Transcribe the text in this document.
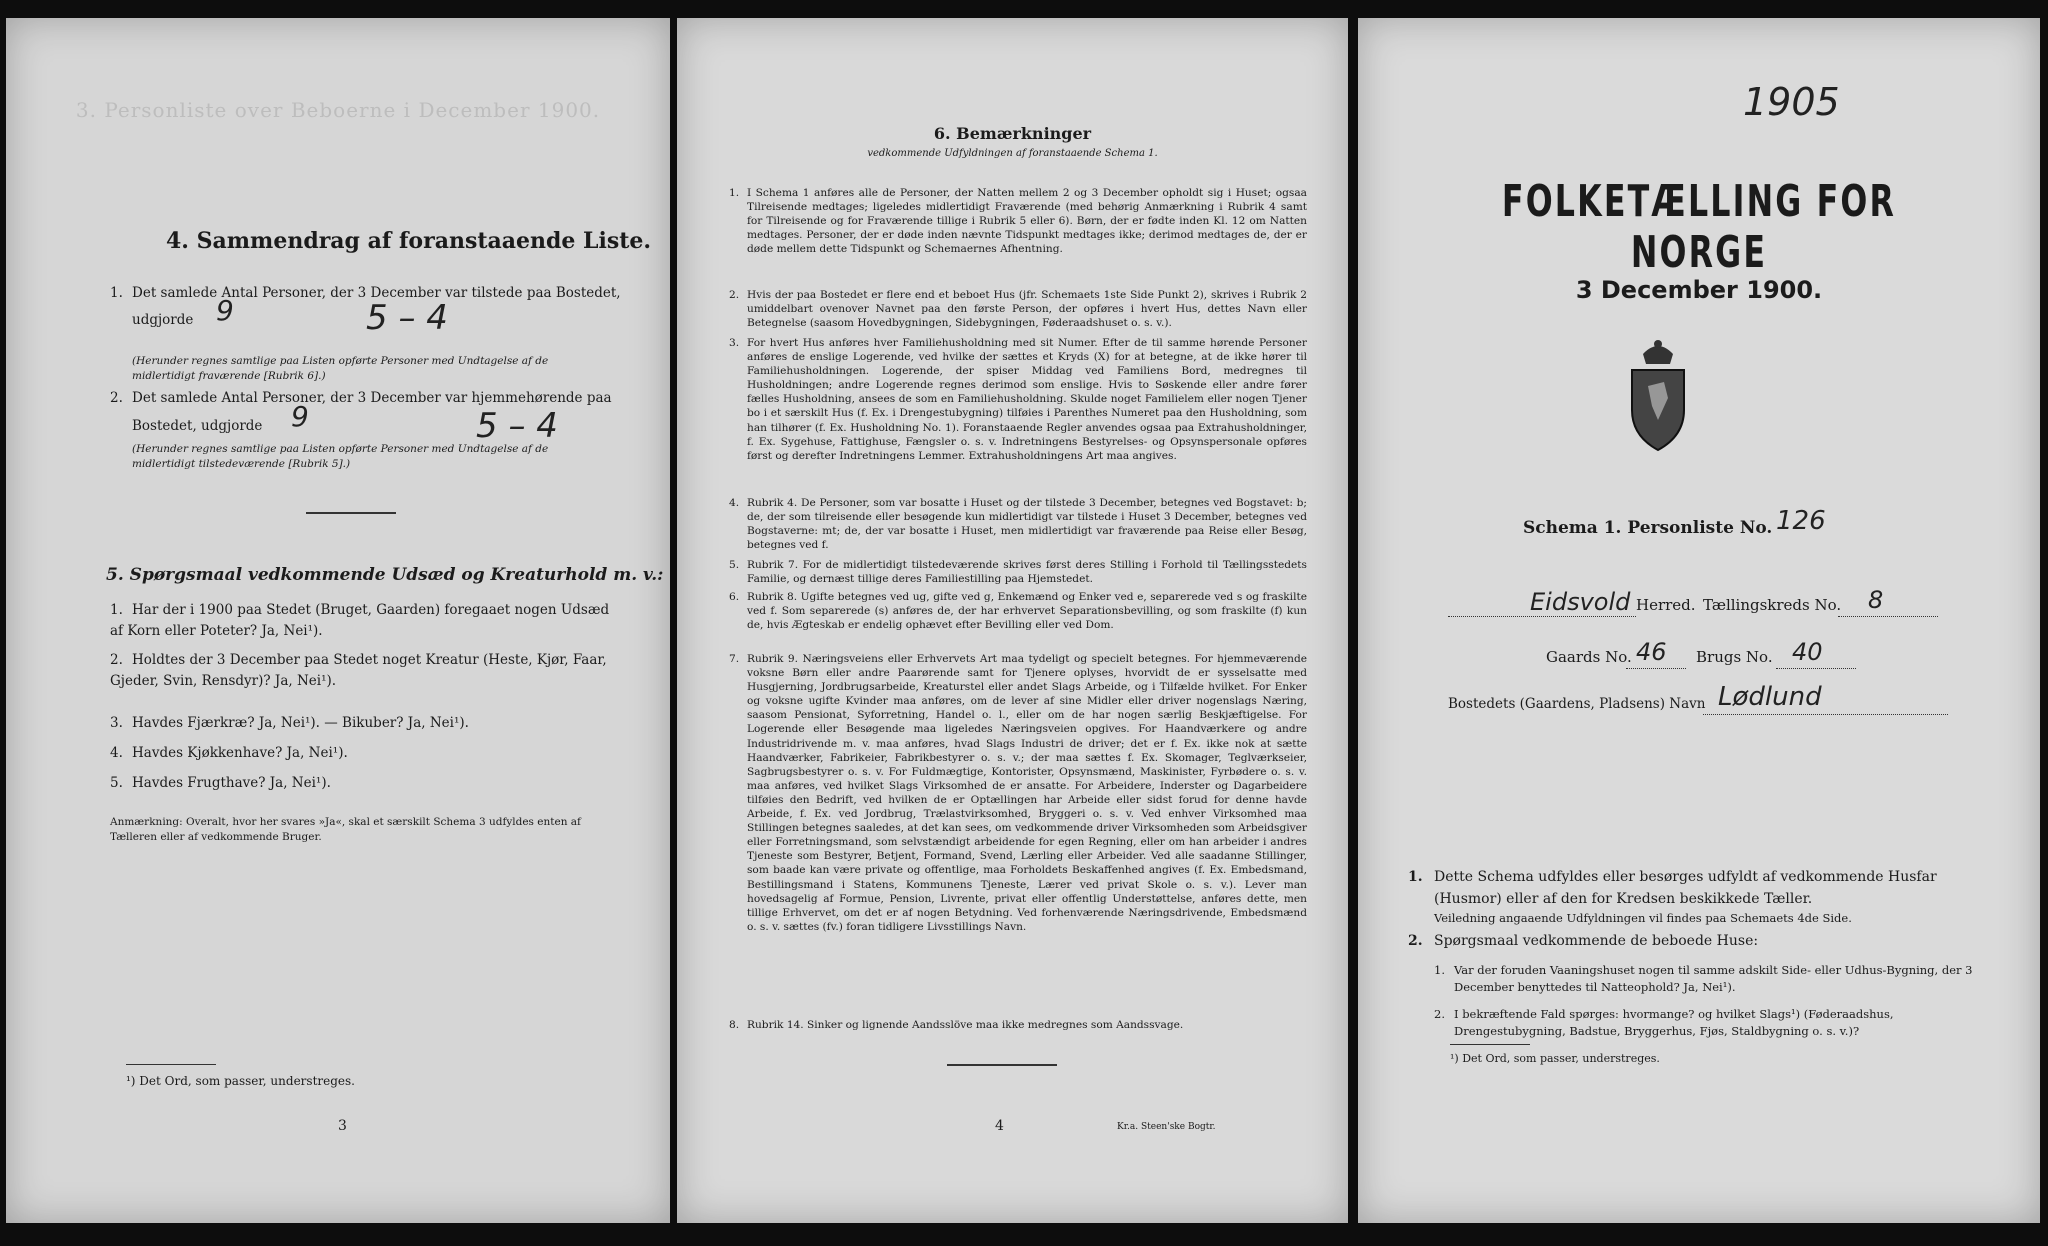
3. Personliste over Beboerne i December 1900.
4. Sammendrag af foranstaaende Liste.
1. Det samlede Antal Personer, der 3 December var tilstede paa Bostedet,
udgjorde 9	5 – 4
(Herunder regnes samtlige paa Listen opførte Personer med Undtagelse af de midlertidigt fraværende [Rubrik 6].)
2. Det samlede Antal Personer, der 3 December var hjemmehørende paa
Bostedet, udgjorde 9	5 – 4
(Herunder regnes samtlige paa Listen opførte Personer med Undtagelse af de midlertidigt tilstedeværende [Rubrik 5].)
5. Spørgsmaal vedkommende Udsæd og Kreaturhold m. v.:
1. Har der i 1900 paa Stedet (Bruget, Gaarden) foregaaet nogen Udsæd af Korn eller Poteter? Ja, Nei¹).
2. Holdtes der 3 December paa Stedet noget Kreatur (Heste, Kjør, Faar, Gjeder, Svin, Rensdyr)? Ja, Nei¹).
3. Havdes Fjærkræ? Ja, Nei¹). — Bikuber? Ja, Nei¹).
4. Havdes Kjøkkenhave? Ja, Nei¹).
5. Havdes Frugthave? Ja, Nei¹).
Anmærkning: Overalt, hvor her svares »Ja«, skal et særskilt Schema 3 udfyldes enten af Tælleren eller af vedkommende Bruger.
¹) Det Ord, som passer, understreges.
3
6. Bemærkninger
vedkommende Udfyldningen af foranstaaende Schema 1.
1. I Schema 1 anføres alle de Personer, der Natten mellem 2 og 3 December opholdt sig i Huset; ogsaa Tilreisende medtages; ligeledes midlertidigt Fraværende (med behørig Anmærkning i Rubrik 4 samt for Tilreisende og for Fraværende tillige i Rubrik 5 eller 6). Børn, der er fødte inden Kl. 12 om Natten medtages. Personer, der er døde inden nævnte Tidspunkt medtages ikke; derimod medtages de, der er døde mellem dette Tidspunkt og Schemaernes Afhentning.
2. Hvis der paa Bostedet er flere end et beboet Hus (jfr. Schemaets 1ste Side Punkt 2), skrives i Rubrik 2 umiddelbart ovenover Navnet paa den første Person, der opføres i hvert Hus, dettes Navn eller Betegnelse (saasom Hovedbygningen, Sidebygningen, Føderaadshuset o. s. v.).
3. For hvert Hus anføres hver Familiehusholdning med sit Numer. Efter de til samme hørende Personer anføres de enslige Logerende, ved hvilke der sættes et Kryds (X) for at betegne, at de ikke hører til Familiehusholdningen. Logerende, der spiser Middag ved Familiens Bord, medregnes til Husholdningen; andre Logerende regnes derimod som enslige. Hvis to Søskende eller andre fører fælles Husholdning, ansees de som en Familiehusholdning. Skulde noget Familielem eller nogen Tjener bo i et særskilt Hus (f. Ex. i Drengestubygning) tilføies i Parenthes Numeret paa den Husholdning, som han tilhører (f. Ex. Husholdning No. 1). Foranstaaende Regler anvendes ogsaa paa Extrahusholdninger, f. Ex. Sygehuse, Fattighuse, Fængsler o. s. v. Indretningens Bestyrelses- og Opsynspersonale opføres først og derefter Indretningens Lemmer. Extrahusholdningens Art maa angives.
4. Rubrik 4. De Personer, som var bosatte i Huset og der tilstede 3 December, betegnes ved Bogstavet: b; de, der som tilreisende eller besøgende kun midlertidigt var tilstede i Huset 3 December, betegnes ved Bogstaverne: mt; de, der var bosatte i Huset, men midlertidigt var fraværende paa Reise eller Besøg, betegnes ved f.
5. Rubrik 7. For de midlertidigt tilstedeværende skrives først deres Stilling i Forhold til Tællingsstedets Familie, og dernæst tillige deres Familiestilling paa Hjemstedet.
6. Rubrik 8. Ugifte betegnes ved ug, gifte ved g, Enkemænd og Enker ved e, separerede ved s og fraskilte ved f. Som separerede (s) anføres de, der har erhvervet Separationsbevilling, og som fraskilte (f) kun de, hvis Ægteskab er endelig ophævet efter Bevilling eller ved Dom.
7. Rubrik 9. Næringsveiens eller Erhvervets Art maa tydeligt og specielt betegnes. For hjemmeværende voksne Børn eller andre Paarørende samt for Tjenere oplyses, hvorvidt de er sysselsatte med Husgjerning, Jordbrugsarbeide, Kreaturstel eller andet Slags Arbeide, og i Tilfælde hvilket. For Enker og voksne ugifte Kvinder maa anføres, om de lever af sine Midler eller driver nogenslags Næring, saasom Pensionat, Syforretning, Handel o. l., eller om de har nogen særlig Beskjæftigelse. For Logerende eller Besøgende maa ligeledes Næringsveien opgives. For Haandværkere og andre Industridrivende m. v. maa anføres, hvad Slags Industri de driver; det er f. Ex. ikke nok at sætte Haandværker, Fabrikeier, Fabrikbestyrer o. s. v.; der maa sættes f. Ex. Skomager, Teglværkseier, Sagbrugsbestyrer o. s. v. For Fuldmægtige, Kontorister, Opsynsmænd, Maskinister, Fyrbødere o. s. v. maa anføres, ved hvilket Slags Virksomhed de er ansatte. For Arbeidere, Inderster og Dagarbeidere tilføies den Bedrift, ved hvilken de er Optællingen har Arbeide eller sidst forud for denne havde Arbeide, f. Ex. ved Jordbrug, Trælastvirksomhed, Bryggeri o. s. v. Ved enhver Virksomhed maa Stillingen betegnes saaledes, at det kan sees, om vedkommende driver Virksomheden som Arbeidsgiver eller Forretningsmand, som selvstændigt arbeidende for egen Regning, eller om han arbeider i andres Tjeneste som Bestyrer, Betjent, Formand, Svend, Lærling eller Arbeider. Ved alle saadanne Stillinger, som baade kan være private og offentlige, maa Forholdets Beskaffenhed angives (f. Ex. Embedsmand, Bestillingsmand i Statens, Kommunens Tjeneste, Lærer ved privat Skole o. s. v.). Lever man hovedsagelig af Formue, Pension, Livrente, privat eller offentlig Understøttelse, anføres dette, men tillige Erhvervet, om det er af nogen Betydning. Ved forhenværende Næringsdrivende, Embedsmænd o. s. v. sættes (fv.) foran tidligere Livsstillings Navn.
8. Rubrik 14. Sinker og lignende Aandsslöve maa ikke medregnes som Aandssvage.
4	Kr.a. Steen'ske Bogtr.
1905
FOLKETÆLLING FOR NORGE
3 December 1900.
Schema 1. Personliste No. 126
Eidsvold Herred. Tællingskreds No. 8
Gaards No. 46 Brugs No. 40
Bostedets (Gaardens, Pladsens) Navn Lødlund
1. Dette Schema udfyldes eller besørges udfyldt af vedkommende Husfar (Husmor) eller af den for Kredsen beskikkede Tæller.
Veiledning angaaende Udfyldningen vil findes paa Schemaets 4de Side.
2. Spørgsmaal vedkommende de beboede Huse:
1. Var der foruden Vaaningshuset nogen til samme adskilt Side- eller Udhus-Bygning, der 3 December benyttedes til Natteophold? Ja, Nei¹).
2. I bekræftende Fald spørges: hvormange? og hvilket Slags¹) (Føderaadshus, Drengestubygning, Badstue, Bryggerhus, Fjøs, Staldbygning o. s. v.)?
¹) Det Ord, som passer, understreges.
